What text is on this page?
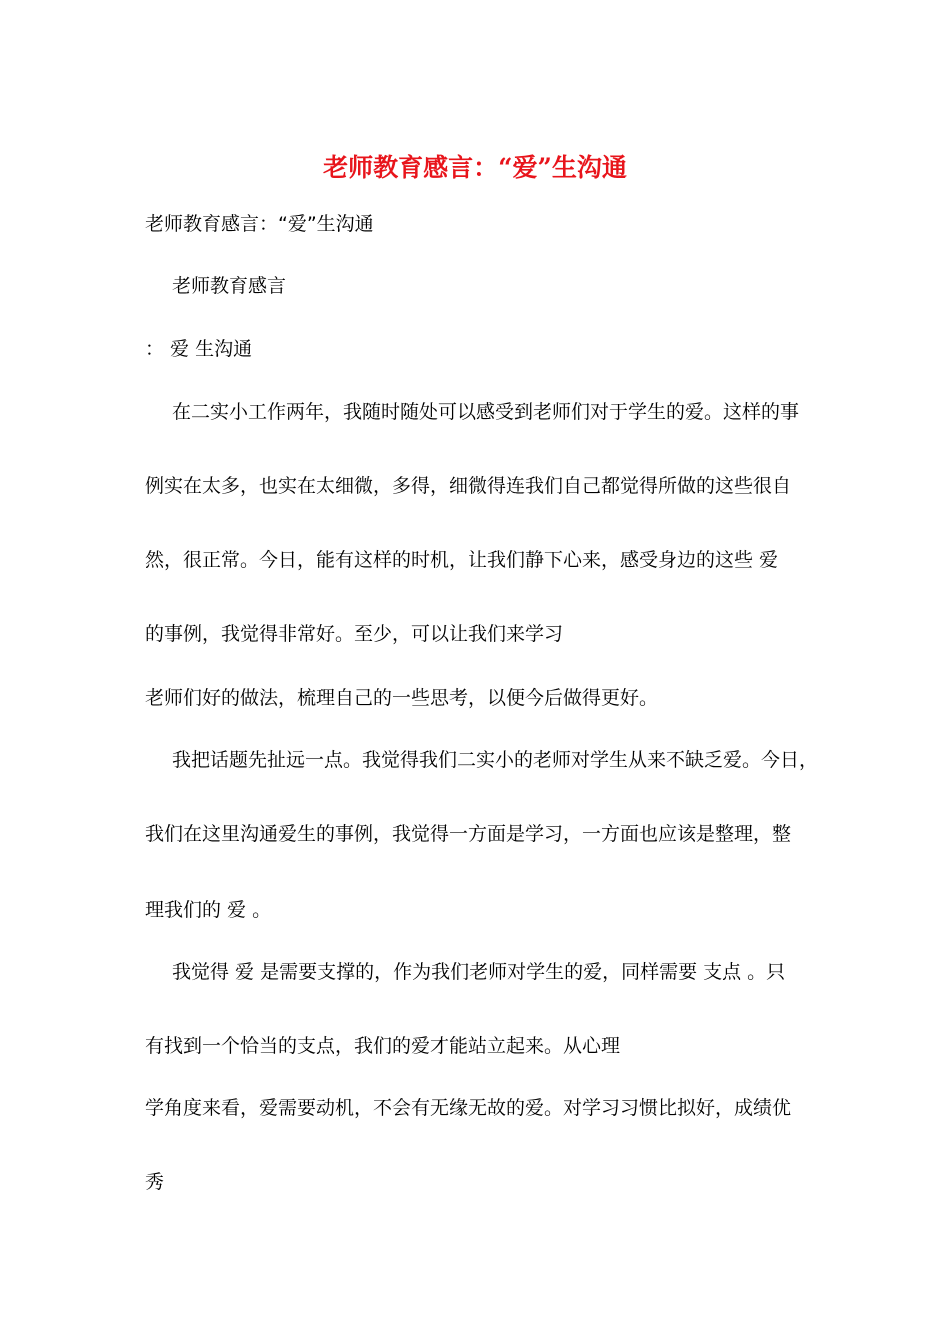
老师教育感言：“爱”生沟通
老师教育感言：“爱”生沟通
老师教育感言
： 爱 生沟通
在二实小工作两年，我随时随处可以感受到老师们对于学生的爱。这样的事
例实在太多，也实在太细微，多得，细微得连我们自己都觉得所做的这些很自
然，很正常。今日，能有这样的时机，让我们静下心来，感受身边的这些 爱
的事例，我觉得非常好。至少，可以让我们来学习
老师们好的做法，梳理自己的一些思考，以便今后做得更好。
我把话题先扯远一点。我觉得我们二实小的老师对学生从来不缺乏爱。今日，
我们在这里沟通爱生的事例，我觉得一方面是学习，一方面也应该是整理，整
理我们的 爱 。
我觉得 爱 是需要支撑的，作为我们老师对学生的爱，同样需要 支点 。只
有找到一个恰当的支点，我们的爱才能站立起来。从心理
学角度来看，爱需要动机，不会有无缘无故的爱。对学习习惯比拟好，成绩优
秀
